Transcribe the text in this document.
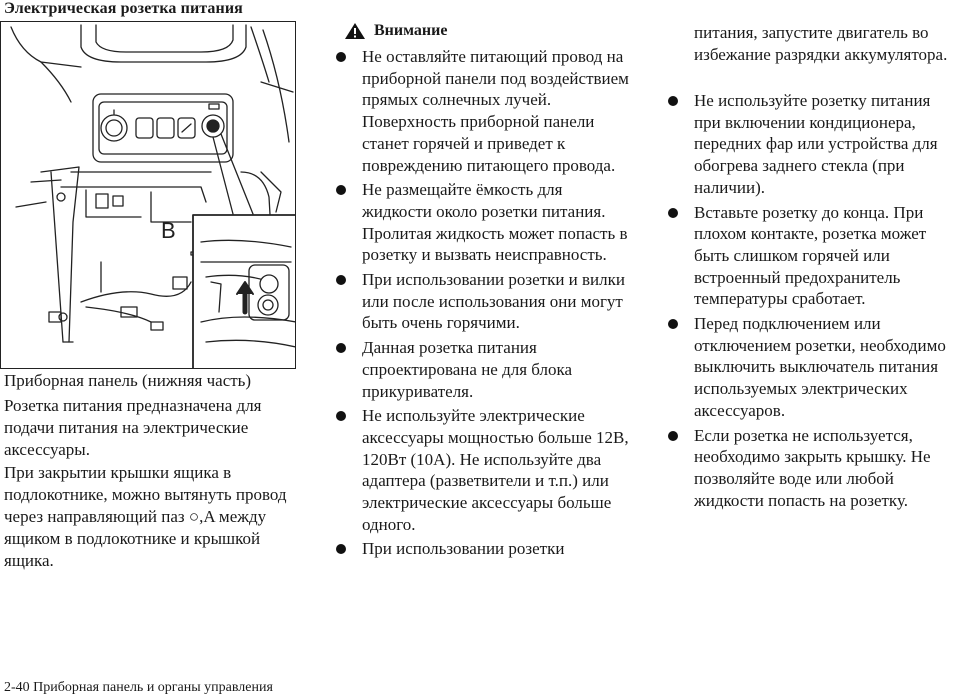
Электрическая розетка питания
B
Приборная панель (нижняя часть)
Розетка питания предназначена для подачи питания на электрические аксессуары.
При закрытии крышки ящика в подлокотнике, можно вытянуть провод через направляющий паз ○,A между ящиком в подлокотнике и крышкой ящика.
Внимание
Не оставляйте питающий провод на приборной панели под воздействием прямых солнечных лучей. Поверхность приборной панели станет горячей и приведет к повреждению питающего провода.
Не размещайте ёмкость для жидкости около розетки питания. Пролитая жидкость может попасть в розетку и вызвать неисправность.
При использовании розетки и вилки или после использования они могут быть очень горячими.
Данная розетка питания спроектирована не для блока прикуривателя.
Не используйте электрические аксессуары мощностью больше 12В, 120Вт (10А). Не используйте два адаптера (разветвители и т.п.) или электрические аксессуары больше одного.
При использовании розетки
питания, запустите двигатель во избежание разрядки аккумулятора.
Не используйте розетку питания при включении кондиционера, передних фар или устройства для обогрева заднего стекла (при наличии).
Вставьте розетку до конца. При плохом контакте, розетка может быть слишком горячей или встроенный предохранитель температуры сработает.
Перед подключением или отключением розетки, необходимо выключить выключатель питания используемых электрических аксессуаров.
Если розетка не используется, необходимо закрыть крышку. Не позволяйте воде или любой жидкости попасть на розетку.
2-40 Приборная панель и органы управления
